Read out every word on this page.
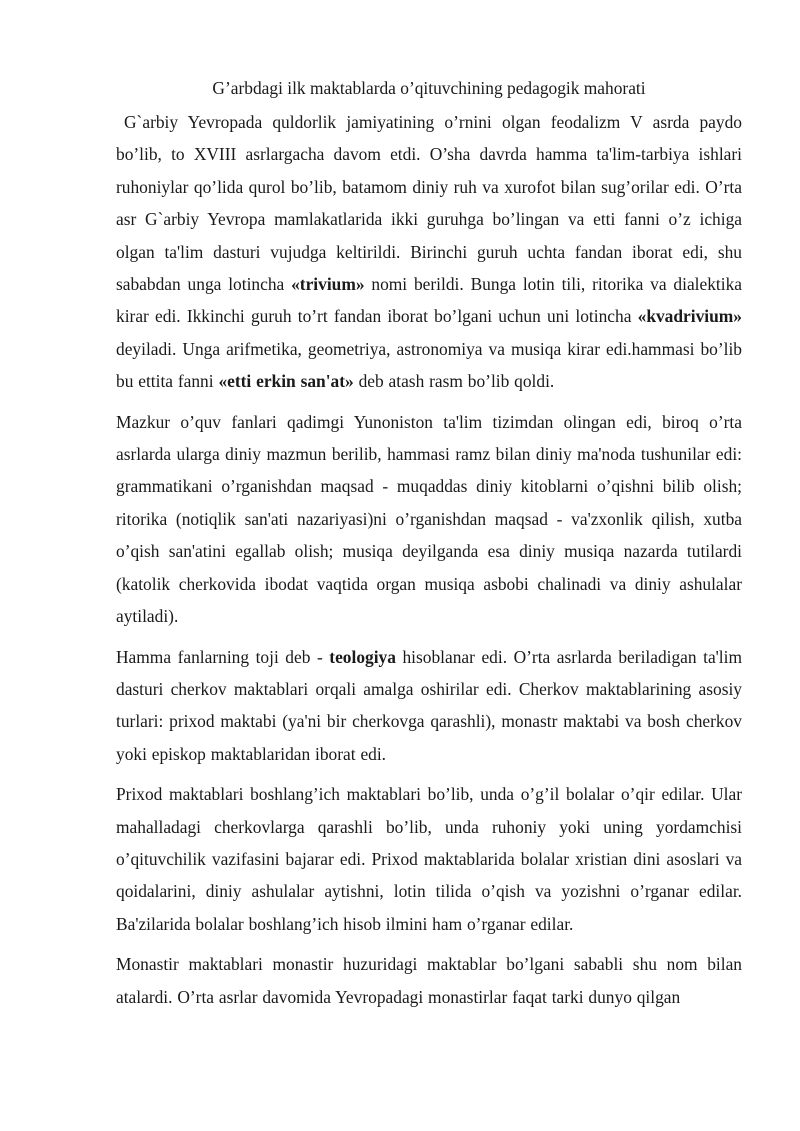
G’arbdagi ilk maktablarda o’qituvchining pedagogik mahorati

G`arbiy Yevropada quldorlik jamiyatining o’rnini olgan feodalizm V asrda paydo bo’lib, to XVIII asrlargacha davom etdi. O’sha davrda hamma ta'lim-tarbiya ishlari ruhoniylar qo’lida qurol bo’lib, batamom diniy ruh va xurofot bilan sug’orilar edi. O’rta asr G`arbiy Yevropa mamlakatlarida ikki guruhga bo’lingan va etti fanni o’z ichiga olgan ta'lim dasturi vujudga keltirildi. Birinchi guruh uchta fandan iborat edi, shu sababdan unga lotincha «trivium» nomi berildi. Bunga lotin tili, ritorika va dialektika kirar edi. Ikkinchi guruh to’rt fandan iborat bo’lgani uchun uni lotincha «kvadrivium» deyiladi. Unga arifmetika, geometriya, astronomiya va musiqa kirar edi.hammasi bo’lib bu ettita fanni «etti erkin san'at» deb atash rasm bo’lib qoldi.

Mazkur o’quv fanlari qadimgi Yunoniston ta'lim tizimdan olingan edi, biroq o’rta asrlarda ularga diniy mazmun berilib, hammasi ramz bilan diniy ma'noda tushunilar edi: grammatikani o’rganishdan maqsad - muqaddas diniy kitoblarni o’qishni bilib olish; ritorika (notiqlik san'ati nazariyasi)ni o’rganishdan maqsad - va'zxonlik qilish, xutba o’qish san'atini egallab olish; musiqa deyilganda esa diniy musiqa nazarda tutilardi (katolik cherkovida ibodat vaqtida organ musiqa asbobi chalinadi va diniy ashulalar aytiladi).

Hamma fanlarning toji deb - teologiya hisoblanar edi. O’rta asrlarda beriladigan ta'lim dasturi cherkov maktablari orqali amalga oshirilar edi. Cherkov maktablarining asosiy turlari: prixod maktabi (ya'ni bir cherkovga qarashli), monastr maktabi va bosh cherkov yoki episkop maktablaridan iborat edi.

Prixod maktablari boshlang’ich maktablari bo’lib, unda o’g’il bolalar o’qir edilar. Ular mahalladagi cherkovlarga qarashli bo’lib, unda ruhoniy yoki uning yordamchisi o’qituvchilik vazifasini bajarar edi. Prixod maktablarida bolalar xristian dini asoslari va qoidalarini, diniy ashulalar aytishni, lotin tilida o’qish va yozishni o’rganar edilar. Ba'zilarida bolalar boshlang’ich hisob ilmini ham o’rganar edilar.

Monastir maktablari monastir huzuridagi maktablar bo’lgani sababli shu nom bilan atalardi. O’rta asrlar davomida Yevropadagi monastirlar faqat tarki dunyo qilgan
